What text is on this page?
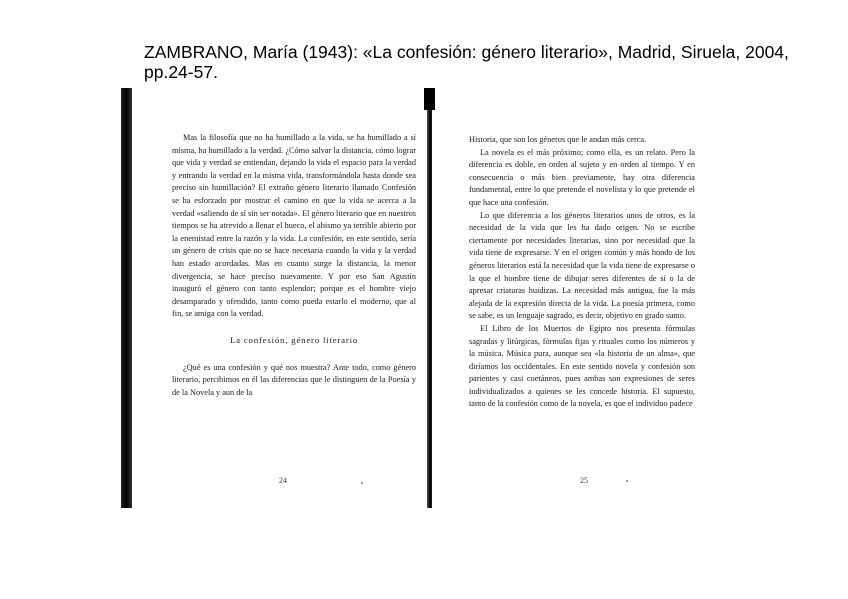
ZAMBRANO, María (1943): «La confesión: género literario», Madrid, Siruela, 2004, pp.24-57.

Mas la filosofía que no ha humillado a la vida, se ha humillado a sí misma, ha humillado a la verdad. ¿Cómo salvar la distancia, cómo lograr que vida y verdad se entiendan, dejando la vida el espacio para la verdad y entrando la verdad en la misma vida, transformándola hasta donde sea preciso sin humillación? El extraño género literario llamado Confesión se ha esforzado por mostrar el camino en que la vida se acerca a la verdad «saliendo de sí sin ser notada». El género literario que en nuestros tiempos se ha atrevido a llenar el hueco, el abismo ya terrible abierto por la enemistad entre la razón y la vida. La confesión, en este sentido, sería un género de crisis que no se hace necesaria cuando la vida y la verdad han estado acordadas. Mas en cuanto surge la distancia, la menor divergencia, se hace preciso nuevamente. Y por eso San Agustín inauguró el género con tanto esplendor; porque es el hombre viejo desamparado y ofendido, tanto como pueda estarlo el moderno, que al fin, se amiga con la verdad.

La confesión, género literario

¿Qué es una confesión y qué nos muestra? Ante todo, como género literario, percibimos en él las diferencias que le distinguen de la Poesía y de la Novela y aun de la

Historia, que son los géneros que le andan más cerca.

La novela es el más próximo; como ella, es un relato. Pero la diferencia es doble, en orden al sujeto y en orden al tiempo. Y en consecuencia o más bien previamente, hay otra diferencia fundamental, entre lo que pretende el novelista y lo que pretende el que hace una confesión.

Lo que diferencia a los géneros literarios unos de otros, es la necesidad de la vida que les ha dado origen. No se escribe ciertamente por necesidades literarias, sino por necesidad que la vida tiene de expresarse. Y en el origen común y más hondo de los géneros literarios está la necesidad que la vida tiene de expresarse o la que el hombre tiene de dibujar seres diferentes de sí o la de apresar criaturas huidizas. La necesidad más antigua, fue la más alejada de la expresión directa de la vida. La poesía primera, como se sabe, es un lenguaje sagrado, es decir, objetivo en grado sumo.

El Libro de los Muertos de Egipto nos presenta fórmulas sagradas y litúrgicas, fórmulas fijas y rituales como los números y la música. Música pura, aunque sea «la historia de un alma», que diríamos los occidentales. En este sentido novela y confesión son parientes y casi coetáneos, pues ambas son expresiones de seres individualizados a quienes se les concede historia. El supuesto, tanto de la confesión como de la novela, es que el individuo padece

24	25
